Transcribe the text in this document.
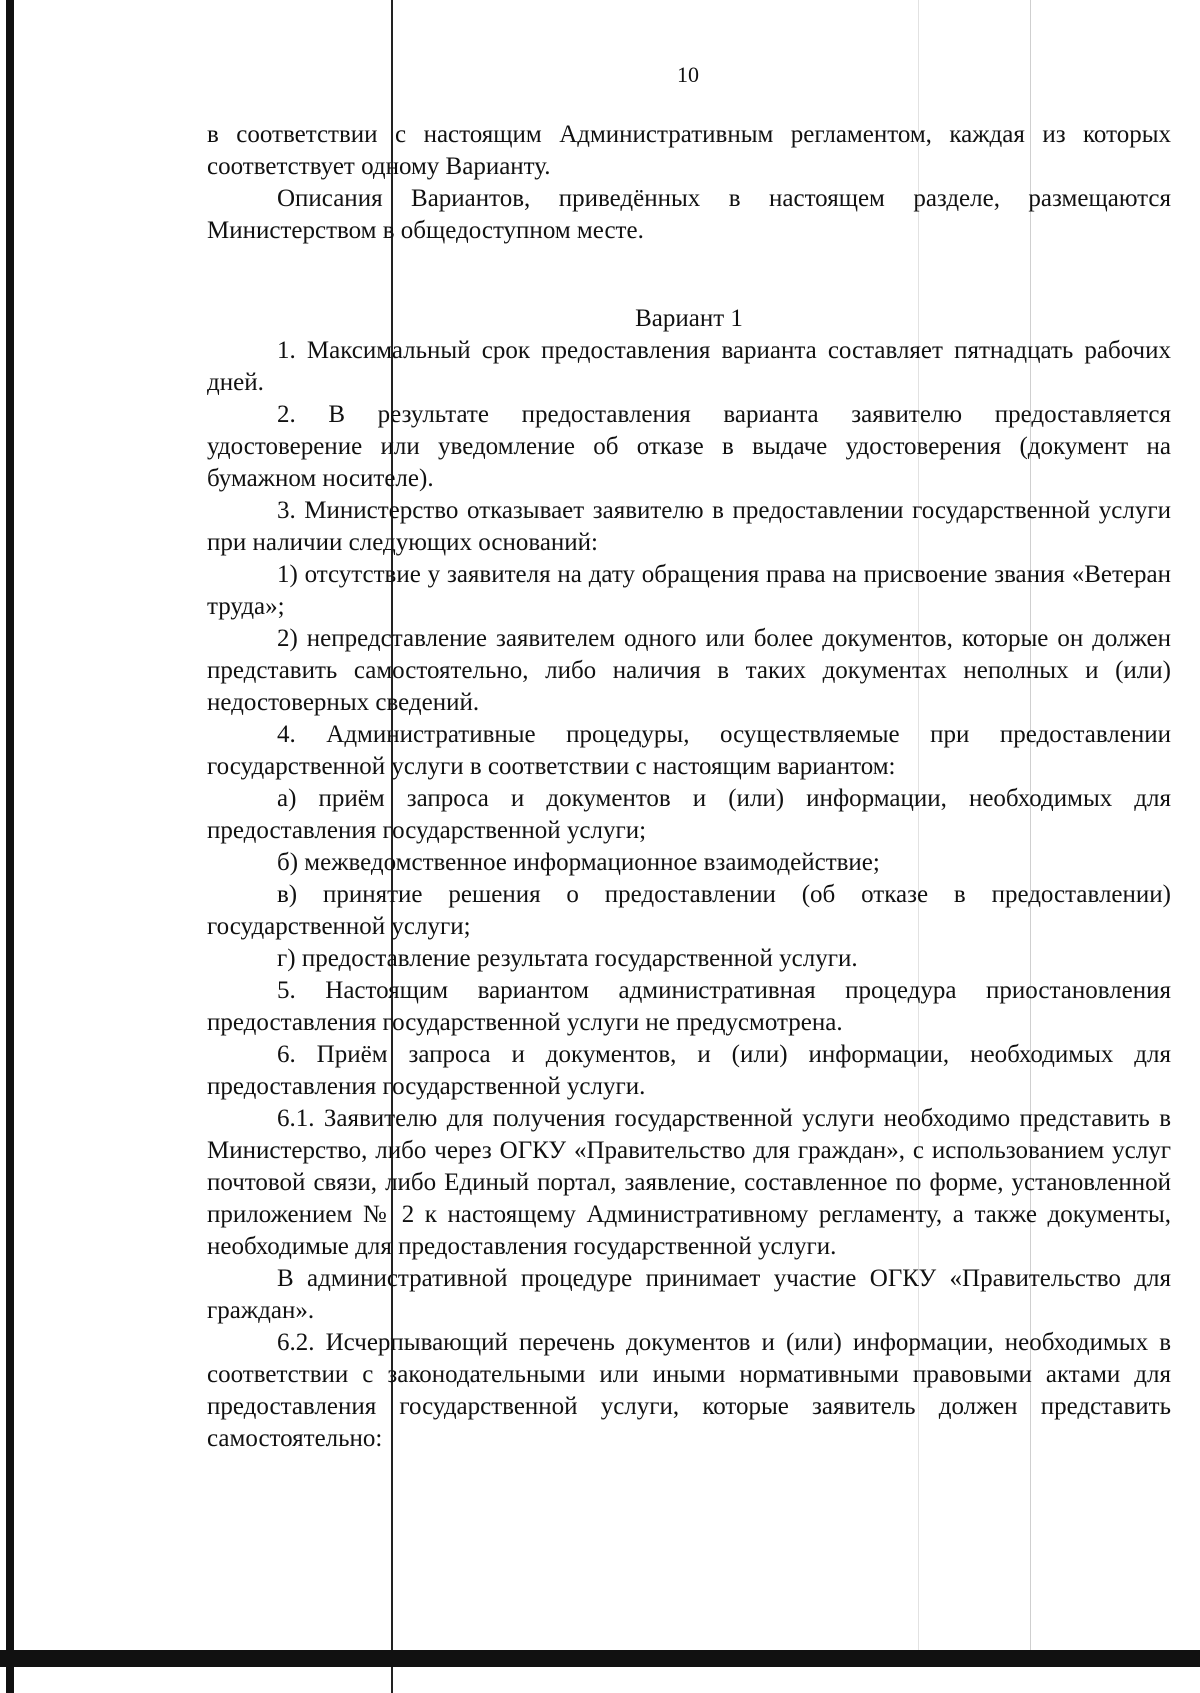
10

в соответствии с настоящим Административным регламентом, каждая из которых соответствует одному Варианту.

Описания Вариантов, приведённых в настоящем разделе, размещаются Министерством в общедоступном месте.

Вариант 1

1. Максимальный срок предоставления варианта составляет пятнадцать рабочих дней.

2. В результате предоставления варианта заявителю предоставляется удостоверение или уведомление об отказе в выдаче удостоверения (документ на бумажном носителе).

3. Министерство отказывает заявителю в предоставлении государственной услуги при наличии следующих оснований:

1) отсутствие у заявителя на дату обращения права на присвоение звания «Ветеран труда»;

2) непредставление заявителем одного или более документов, которые он должен представить самостоятельно, либо наличия в таких документах неполных и (или) недостоверных сведений.

4. Административные процедуры, осуществляемые при предоставлении государственной услуги в соответствии с настоящим вариантом:

а) приём запроса и документов и (или) информации, необходимых для предоставления государственной услуги;

б) межведомственное информационное взаимодействие;

в) принятие решения о предоставлении (об отказе в предоставлении) государственной услуги;

г) предоставление результата государственной услуги.

5. Настоящим вариантом административная процедура приостановления предоставления государственной услуги не предусмотрена.

6. Приём запроса и документов, и (или) информации, необходимых для предоставления государственной услуги.

6.1. Заявителю для получения государственной услуги необходимо представить в Министерство, либо через ОГКУ «Правительство для граждан», с использованием услуг почтовой связи, либо Единый портал, заявление, составленное по форме, установленной приложением № 2 к настоящему Административному регламенту, а также документы, необходимые для предоставления государственной услуги.

В административной процедуре принимает участие ОГКУ «Правительство для граждан».

6.2. Исчерпывающий перечень документов и (или) информации, необходимых в соответствии с законодательными или иными нормативными правовыми актами для предоставления государственной услуги, которые заявитель должен представить самостоятельно:
